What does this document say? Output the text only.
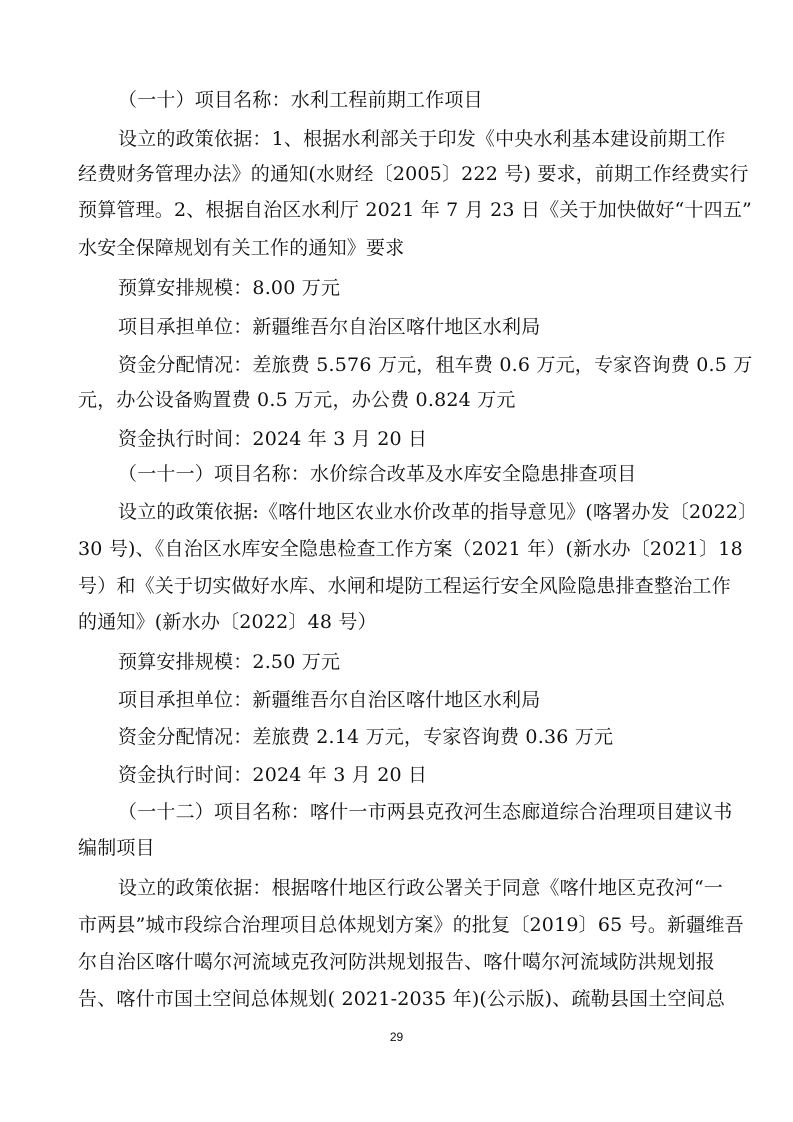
（一十）项目名称：水利工程前期工作项目
设立的政策依据：1、根据水利部关于印发《中央水利基本建设前期工作
经费财务管理办法》的通知(水财经〔2005〕222 号) 要求，前期工作经费实行
预算管理。2、根据自治区水利厅 2021 年 7 月 23 日《关于加快做好“十四五”
水安全保障规划有关工作的通知》要求
预算安排规模：8.00 万元
项目承担单位：新疆维吾尔自治区喀什地区水利局
资金分配情况：差旅费 5.576 万元，租车费 0.6 万元，专家咨询费 0.5 万
元，办公设备购置费 0.5 万元，办公费 0.824 万元
资金执行时间：2024 年 3 月 20 日
（一十一）项目名称：水价综合改革及水库安全隐患排查项目
设立的政策依据:《喀什地区农业水价改革的指导意见》(喀署办发〔2022〕
30 号)、《自治区水库安全隐患检查工作方案（2021 年）(新水办〔2021〕18
号）和《关于切实做好水库、水闸和堤防工程运行安全风险隐患排查整治工作
的通知》(新水办〔2022〕48 号）
预算安排规模：2.50 万元
项目承担单位：新疆维吾尔自治区喀什地区水利局
资金分配情况：差旅费 2.14 万元，专家咨询费 0.36 万元
资金执行时间：2024 年 3 月 20 日
（一十二）项目名称：喀什一市两县克孜河生态廊道综合治理项目建议书
编制项目
设立的政策依据：根据喀什地区行政公署关于同意《喀什地区克孜河“一
市两县”城市段综合治理项目总体规划方案》的批复〔2019〕65 号。新疆维吾
尔自治区喀什噶尔河流域克孜河防洪规划报告、喀什噶尔河流域防洪规划报
告、喀什市国土空间总体规划( 2021-2035 年)(公示版)、疏勒县国土空间总
29
